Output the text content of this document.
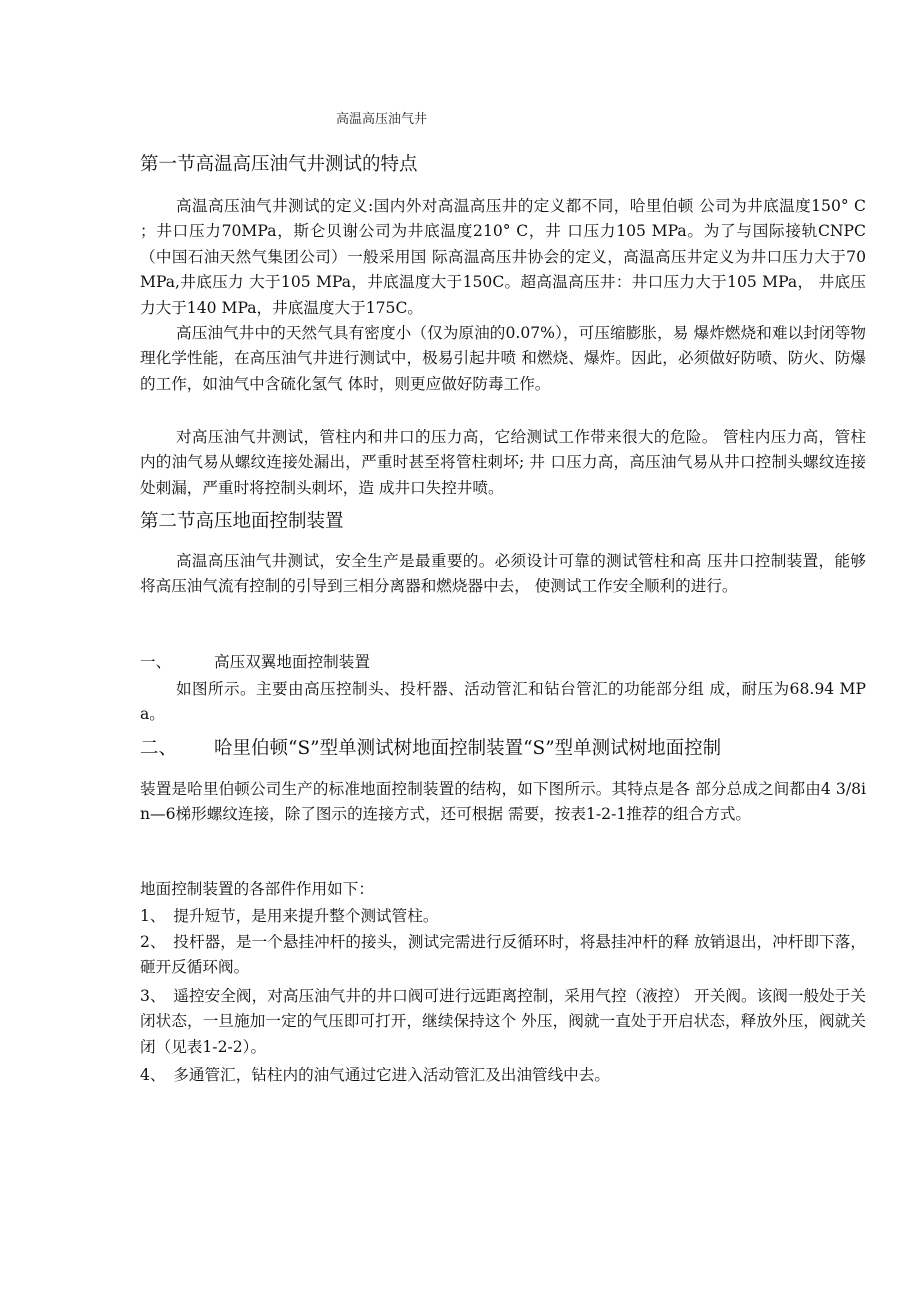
高温高压油气井
第一节高温高压油气井测试的特点
高温高压油气井测试的定义:国内外对高温高压井的定义都不同，哈里伯顿 公司为井底温度150° C ；井口压力70MPa，斯仑贝谢公司为井底温度210° C，井 口压力105 MPa。为了与国际接轨CNPC （中国石油天然气集团公司）一般采用国 际高温高压井协会的定义，高温高压井定义为井口压力大于70 MPa,井底压力 大于105 MPa，井底温度大于150C。超高温高压井：井口压力大于105 MPa， 井底压力大于140 MPa，井底温度大于175C。
高压油气井中的天然气具有密度小（仅为原油的0.07%），可压缩膨胀，易 爆炸燃烧和难以封闭等物理化学性能，在高压油气井进行测试中，极易引起井喷 和燃烧、爆炸。因此，必须做好防喷、防火、防爆的工作，如油气中含硫化氢气 体时，则更应做好防毒工作。
对高压油气井测试，管柱内和井口的压力高，它给测试工作带来很大的危险。 管柱内压力高，管柱内的油气易从螺纹连接处漏出，严重时甚至将管柱刺坏; 井 口压力高，高压油气易从井口控制头螺纹连接处刺漏，严重时将控制头刺坏，造 成井口失控井喷。
第二节高压地面控制装置
高温高压油气井测试，安全生产是最重要的。必须设计可靠的测试管柱和高 压井口控制装置，能够将高压油气流有控制的引导到三相分离器和燃烧器中去， 使测试工作安全顺利的进行。
一、	高压双翼地面控制装置
如图所示。主要由高压控制头、投杆器、活动管汇和钻台管汇的功能部分组 成，耐压为68.94 MPa。
二、 哈里伯顿“S”型单测试树地面控制装置“S”型单测试树地面控制
装置是哈里伯顿公司生产的标准地面控制装置的结构，如下图所示。其特点是各 部分总成之间都由4 3/8in—6梯形螺纹连接，除了图示的连接方式，还可根据 需要，按表1-2-1推荐的组合方式。
地面控制装置的各部件作用如下：
1、  提升短节，是用来提升整个测试管柱。
2、  投杆器，是一个悬挂冲杆的接头，测试完需进行反循环时，将悬挂冲杆的释 放销退出，冲杆即下落，砸开反循环阀。
3、  遥控安全阀，对高压油气井的井口阀可进行远距离控制，采用气控（液控） 开关阀。该阀一般处于关闭状态，一旦施加一定的气压即可打开，继续保持这个 外压，阀就一直处于开启状态，释放外压，阀就关闭（见表1-2-2）。
4、  多通管汇，钻柱内的油气通过它进入活动管汇及出油管线中去。
